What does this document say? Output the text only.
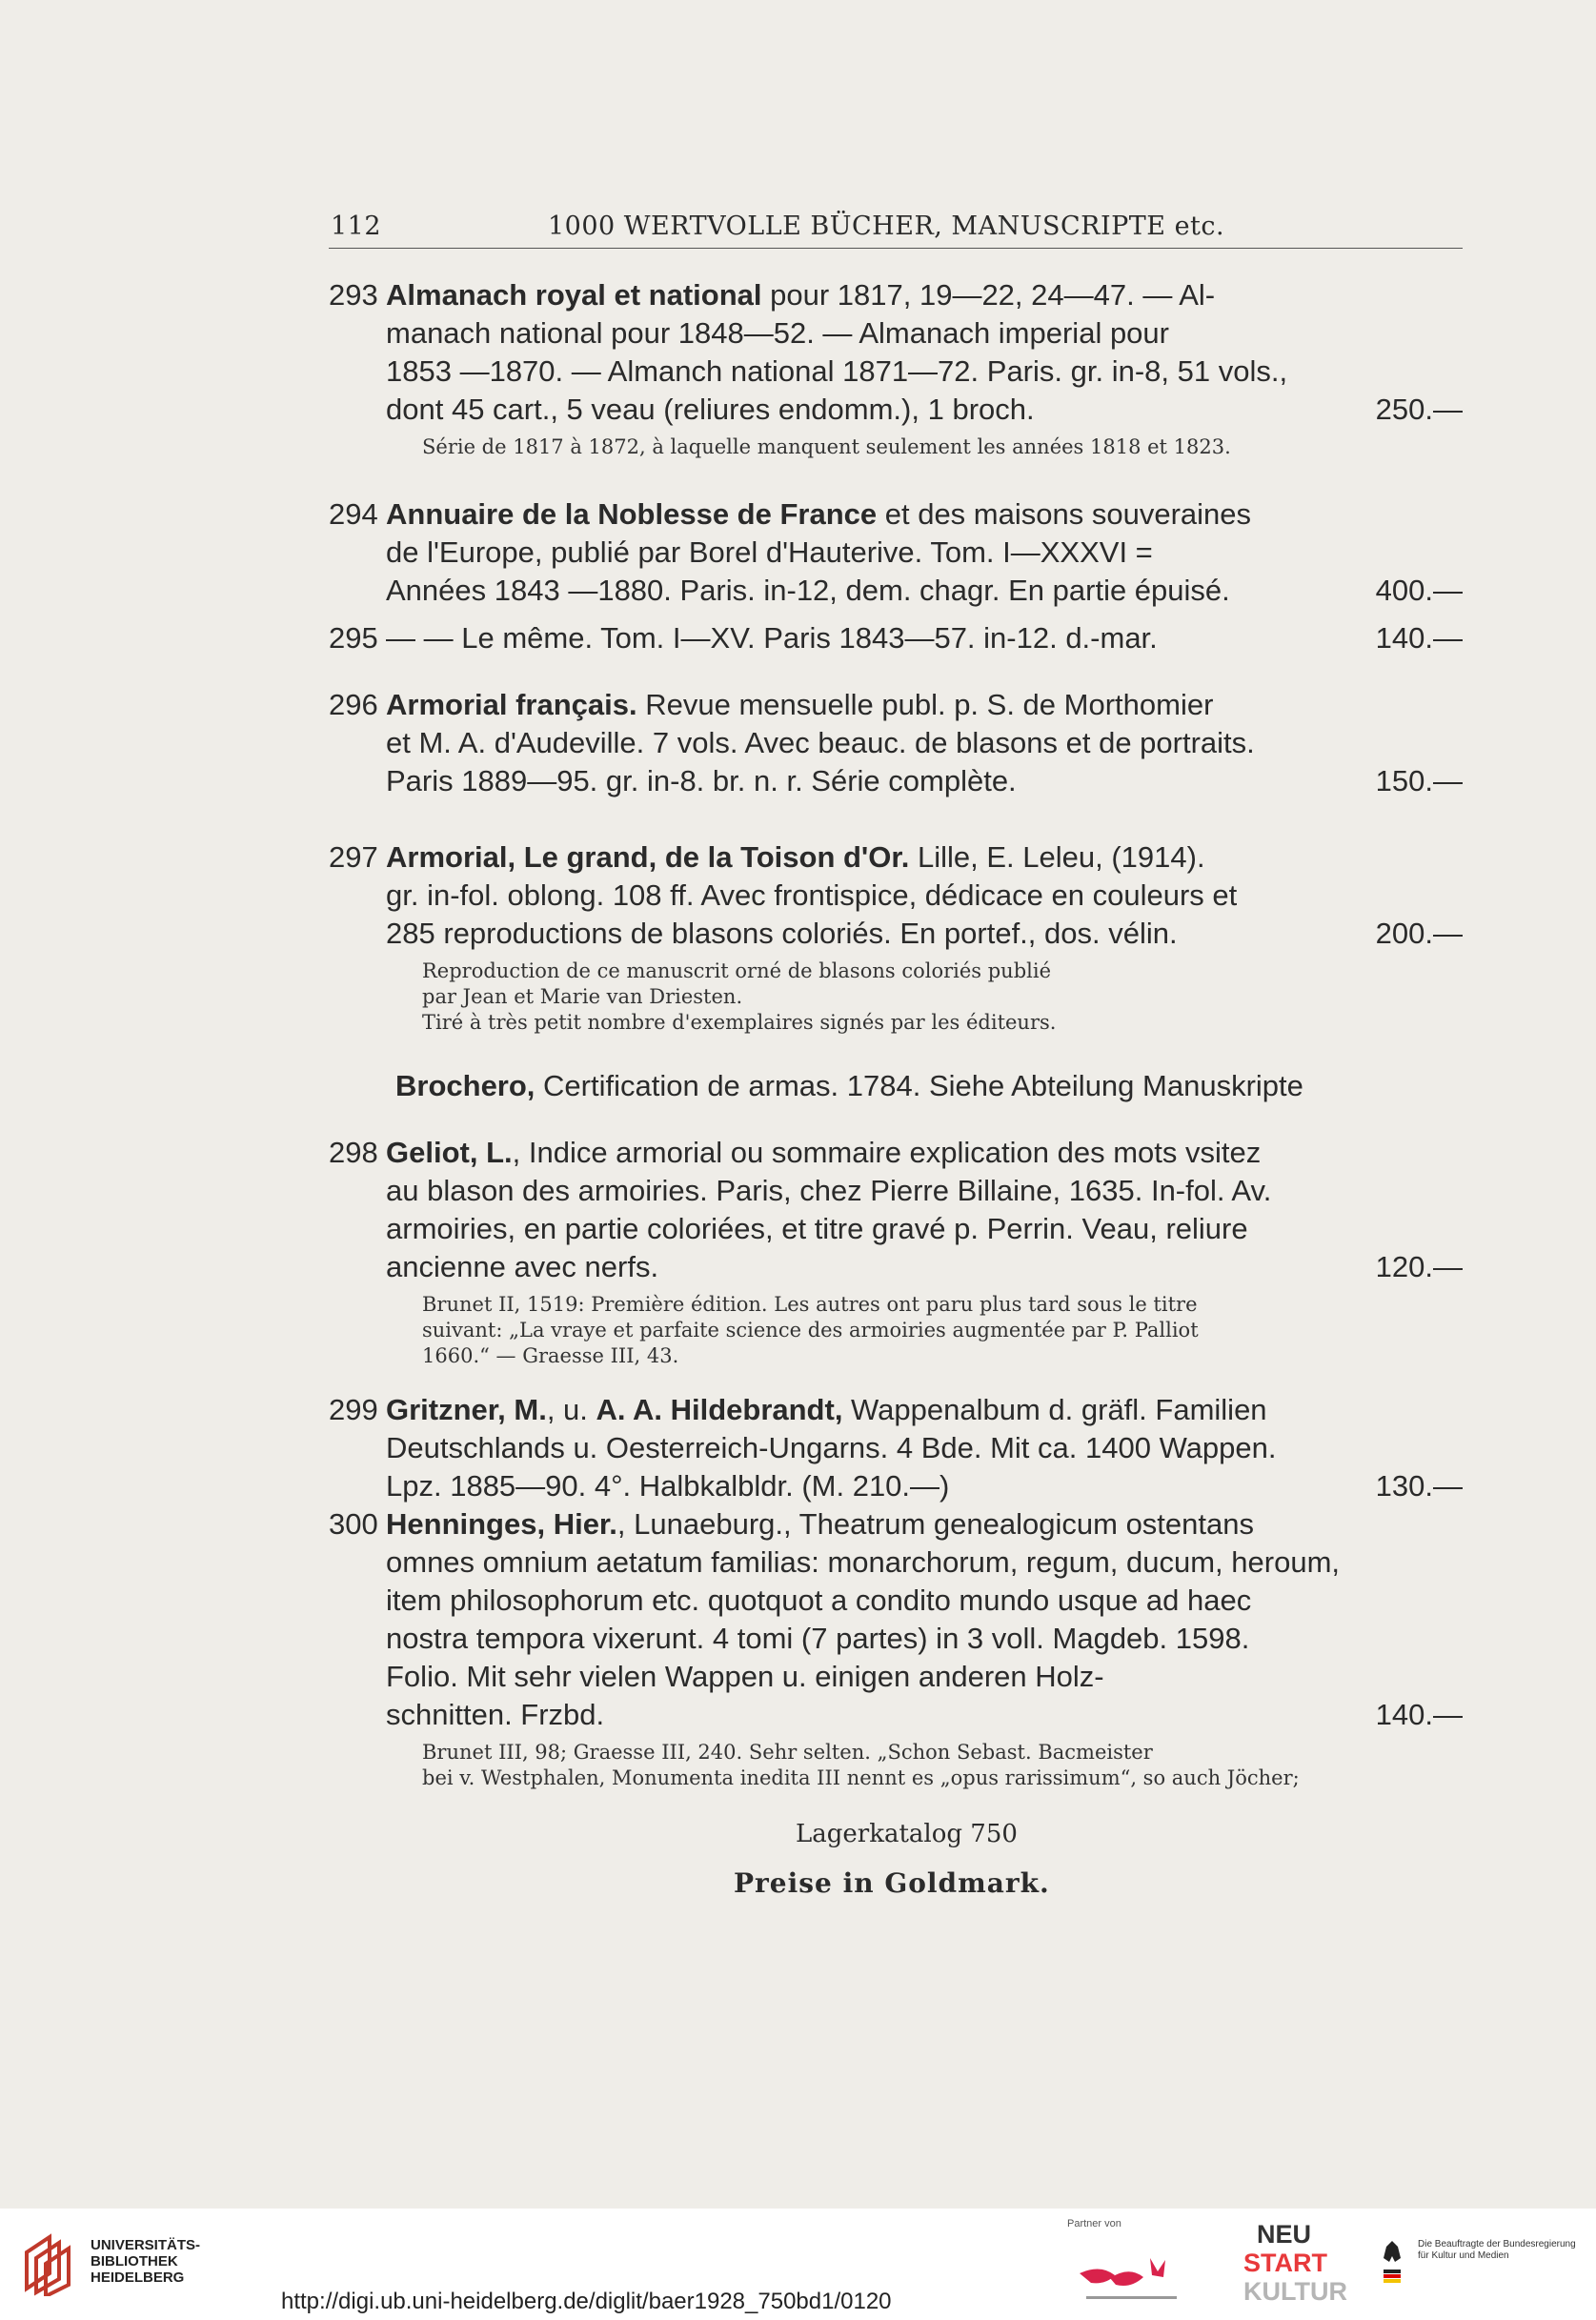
112	1000 WERTVOLLE BÜCHER, MANUSCRIPTE etc.
293 Almanach royal et national pour 1817, 19—22, 24—47. — Al-
manach national pour 1848—52. — Almanach imperial pour
1853 —1870. — Almanch national 1871—72. Paris. gr. in-8, 51 vols.,
dont 45 cart., 5 veau (reliures endomm.), 1 broch.	250.—
Série de 1817 à 1872, à laquelle manquent seulement les années 1818 et 1823.
294 Annuaire de la Noblesse de France et des maisons souveraines
de l'Europe, publié par Borel d'Hauterive. Tom. I—XXXVI =
Années 1843 —1880. Paris. in-12, dem. chagr. En partie épuisé.	400.—
295 — — Le même. Tom. I—XV. Paris 1843—57. in-12. d.-mar.	140.—
296 Armorial français. Revue mensuelle publ. p. S. de Morthomier
et M. A. d'Audeville. 7 vols. Avec beauc. de blasons et de portraits.
Paris 1889—95. gr. in-8. br. n. r. Série complète.	150.—
297 Armorial, Le grand, de la Toison d'Or. Lille, E. Leleu, (1914).
gr. in-fol. oblong. 108 ff. Avec frontispice, dédicace en couleurs et
285 reproductions de blasons coloriés. En portef., dos. vélin.	200.—
Reproduction de ce manuscrit orné de blasons coloriés publié
par Jean et Marie van Driesten.
Tiré à très petit nombre d'exemplaires signés par les éditeurs.
Brochero, Certification de armas. 1784. Siehe Abteilung Manuskripte
298 Geliot, L., Indice armorial ou sommaire explication des mots vsitez
au blason des armoiries. Paris, chez Pierre Billaine, 1635. In-fol. Av.
armoiries, en partie coloriées, et titre gravé p. Perrin. Veau, reliure
ancienne avec nerfs.	120.—
Brunet II, 1519: Première édition. Les autres ont paru plus tard sous le titre
suivant: „La vraye et parfaite science des armoiries augmentée par P. Palliot
1660.“ — Graesse III, 43.
299 Gritzner, M., u. A. A. Hildebrandt, Wappenalbum d. gräfl. Familien
Deutschlands u. Oesterreich-Ungarns. 4 Bde. Mit ca. 1400 Wappen.
Lpz. 1885—90. 4°. Halbkalbldr. (M. 210.—)	130.—
300 Henninges, Hier., Lunaeburg., Theatrum genealogicum ostentans
omnes omnium aetatum familias: monarchorum, regum, ducum, heroum,
item philosophorum etc. quotquot a condito mundo usque ad haec
nostra tempora vixerunt. 4 tomi (7 partes) in 3 voll. Magdeb. 1598.
Folio. Mit sehr vielen Wappen u. einigen anderen Holz-
schnitten. Frzbd.	140.—
Brunet III, 98; Graesse III, 240. Sehr selten. „Schon Sebast. Bacmeister
bei v. Westphalen, Monumenta inedita III nennt es „opus rarissimum“, so auch Jöcher;
Lagerkatalog 750
Preise in Goldmark.
UNIVERSITÄTS-
BIBLIOTHEK
HEIDELBERG
http://digi.ub.uni-heidelberg.de/diglit/baer1928_750bd1/0120
Partner von	NEU
START
KULTUR
Die Beauftragte der Bundesregierung
für Kultur und Medien
